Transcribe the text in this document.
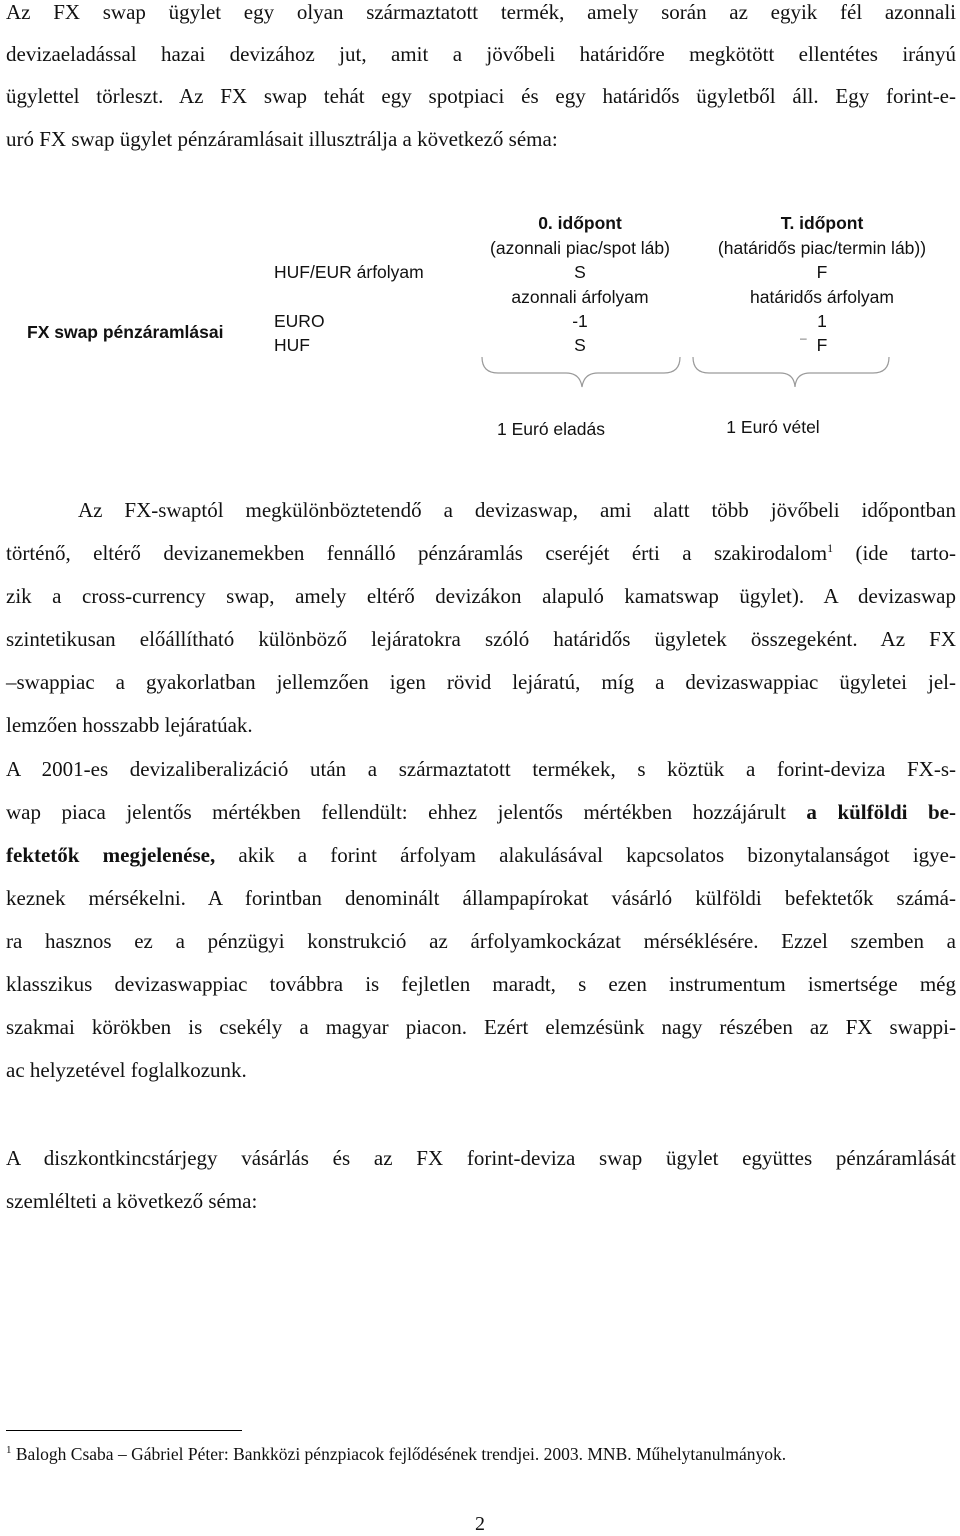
Az FX swap ügylet egy olyan származtatott termék, amely során az egyik fél azonnali
devizaeladással hazai devizához jut, amit a jövőbeli határidőre megkötött ellentétes irányú
ügylettel törleszt. Az FX swap tehát egy spotpiaci és egy határidős ügyletből áll. Egy forint-e-
uró FX swap ügylet pénzáramlásait illusztrálja a következő séma:
FX swap pénzáramlásai
HUF/EUR árfolyam
EURO
HUF
0. időpont
(azonnali piac/spot láb)
S
azonnali árfolyam
-1
S
1 Euró eladás
T. időpont
(határidős piac/termin láb))
F
határidős árfolyam
1
– F
1 Euró vétel
Az FX-swaptól megkülönböztetendő a devizaswap, ami alatt több jövőbeli időpontban
történő, eltérő devizanemekben fennálló pénzáramlás cseréjét érti a szakirodalom$^1$ (ide tarto-
zik a cross-currency swap, amely eltérő devizákon alapuló kamatswap ügylet). A devizaswap
szintetikusan előállítható különböző lejáratokra szóló határidős ügyletek összegeként. Az FX
–swappiac a gyakorlatban jellemzően igen rövid lejáratú, míg a devizaswappiac ügyletei jel-
lemzően hosszabb lejáratúak.
A 2001-es devizaliberalizáció után a származtatott termékek, s köztük a forint-deviza FX-s-
wap piaca jelentős mértékben fellendült: ehhez jelentős mértékben hozzájárult a külföldi be-
fektetők megjelenése, akik a forint árfolyam alakulásával kapcsolatos bizonytalanságot igye-
keznek mérsékelni. A forintban denominált állampapírokat vásárló külföldi befektetők számá-
ra hasznos ez a pénzügyi konstrukció az árfolyamkockázat mérséklésére. Ezzel szemben a
klasszikus devizaswappiac továbbra is fejletlen maradt, s ezen instrumentum ismertsége még
szakmai körökben is csekély a magyar piacon. Ezért elemzésünk nagy részében az FX swappi-
ac helyzetével foglalkozunk.
A diszkontkincstárjegy vásárlás és az FX forint-deviza swap ügylet együttes pénzáramlását
szemlélteti a következő séma:
$^1$ Balogh Csaba – Gábriel Péter: Bankközi pénzpiacok fejlődésének trendjei. 2003. MNB. Műhelytanulmányok.
2
